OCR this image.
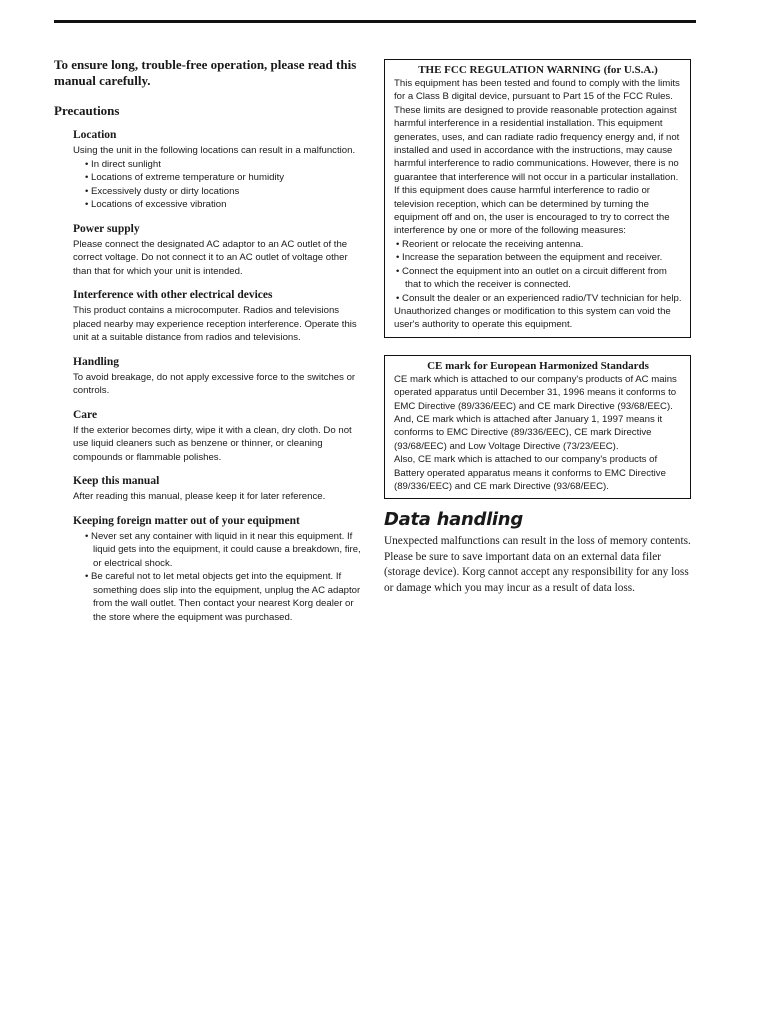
To ensure long, trouble-free operation, please read this manual carefully.

Precautions

Location

Using the unit in the following locations can result in a malfunction.

• In direct sunlight
• Locations of extreme temperature or humidity
• Excessively dusty or dirty locations
• Locations of excessive vibration

Power supply

Please connect the designated AC adaptor to an AC outlet of the correct voltage. Do not connect it to an AC outlet of voltage other than that for which your unit is intended.

Interference with other electrical devices

This product contains a microcomputer. Radios and televisions placed nearby may experience reception interference. Operate this unit at a suitable distance from radios and televisions.

Handling

To avoid breakage, do not apply excessive force to the switches or controls.

Care

If the exterior becomes dirty, wipe it with a clean, dry cloth. Do not use liquid cleaners such as benzene or thinner, or cleaning compounds or flammable polishes.

Keep this manual

After reading this manual, please keep it for later reference.

Keeping foreign matter out of your equipment

• Never set any container with liquid in it near this equipment. If liquid gets into the equipment, it could cause a breakdown, fire, or electrical shock.
• Be careful not to let metal objects get into the equipment. If something does slip into the equipment, unplug the AC adaptor from the wall outlet. Then contact your nearest Korg dealer or the store where the equipment was purchased.

THE FCC REGULATION WARNING (for U.S.A.)

This equipment has been tested and found to comply with the limits for a Class B digital device, pursuant to Part 15 of the FCC Rules. These limits are designed to provide reasonable protection against harmful interference in a residential installation. This equipment generates, uses, and can radiate radio frequency energy and, if not installed and used in accordance with the instructions, may cause harmful interference to radio communications. However, there is no guarantee that interference will not occur in a particular installation. If this equipment does cause harmful interference to radio or television reception, which can be determined by turning the equipment off and on, the user is encouraged to try to correct the interference by one or more of the following measures:

• Reorient or relocate the receiving antenna.
• Increase the separation between the equipment and receiver.
• Connect the equipment into an outlet on a circuit different from that to which the receiver is connected.
• Consult the dealer or an experienced radio/TV technician for help.

Unauthorized changes or modification to this system can void the user's authority to operate this equipment.

CE mark for European Harmonized Standards

CE mark which is attached to our company's products of AC mains operated apparatus until December 31, 1996 means it conforms to EMC Directive (89/336/EEC) and CE mark Directive (93/68/EEC). And, CE mark which is attached after January 1, 1997 means it conforms to EMC Directive (89/336/EEC), CE mark Directive (93/68/EEC) and Low Voltage Directive (73/23/EEC).

Also, CE mark which is attached to our company's products of Battery operated apparatus means it conforms to EMC Directive (89/336/EEC) and CE mark Directive (93/68/EEC).

Data handling

Unexpected malfunctions can result in the loss of memory contents. Please be sure to save important data on an external data filer (storage device). Korg cannot accept any responsibility for any loss or damage which you may incur as a result of data loss.
